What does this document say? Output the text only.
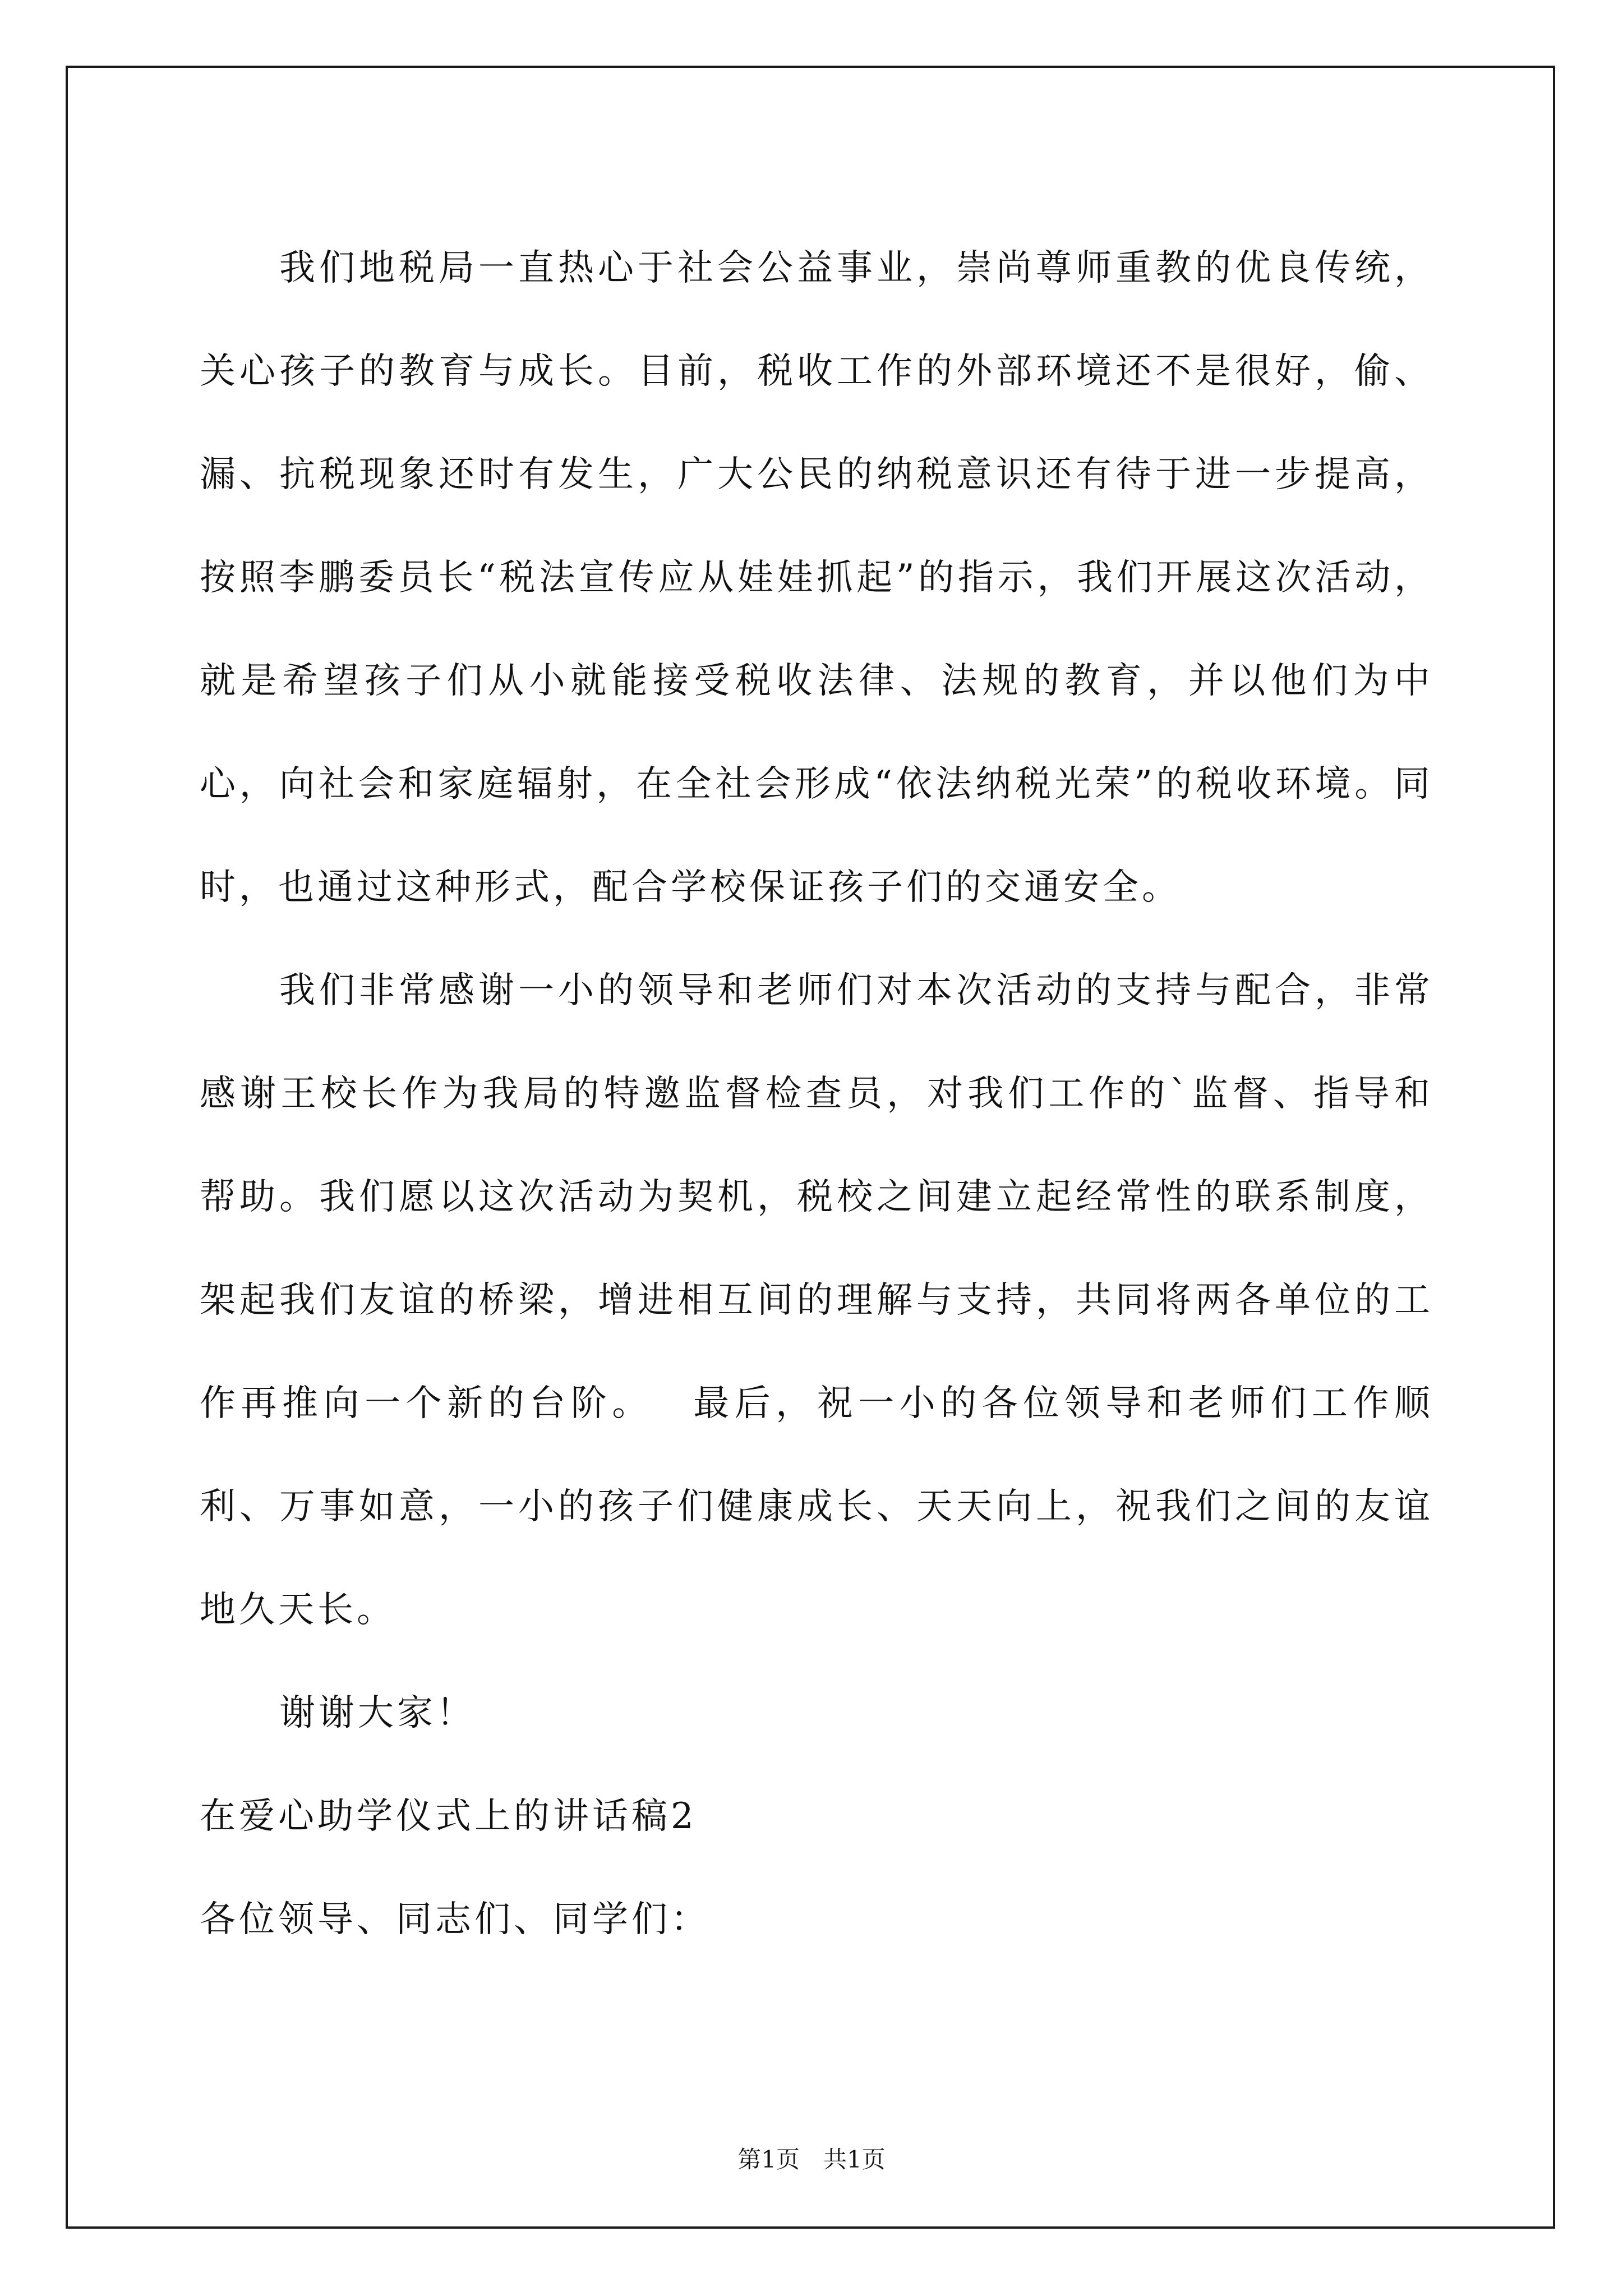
我们地税局一直热心于社会公益事业，崇尚尊师重教的优良传统，关心孩子的教育与成长。目前，税收工作的外部环境还不是很好，偷、漏、抗税现象还时有发生，广大公民的纳税意识还有待于进一步提高，按照李鹏委员长“税法宣传应从娃娃抓起”的指示，我们开展这次活动，就是希望孩子们从小就能接受税收法律、法规的教育，并以他们为中心，向社会和家庭辐射，在全社会形成“依法纳税光荣”的税收环境。同时，也通过这种形式，配合学校保证孩子们的交通安全。

我们非常感谢一小的领导和老师们对本次活动的支持与配合，非常感谢王校长作为我局的特邀监督检查员，对我们工作的`监督、指导和帮助。我们愿以这次活动为契机，税校之间建立起经常性的联系制度，架起我们友谊的桥梁，增进相互间的理解与支持，共同将两各单位的工作再推向一个新的台阶。　 最后，祝一小的各位领导和老师们工作顺利、万事如意，一小的孩子们健康成长、天天向上，祝我们之间的友谊地久天长。

谢谢大家！

在爱心助学仪式上的讲话稿2

各位领导、同志们、同学们：

第1页　共1页
